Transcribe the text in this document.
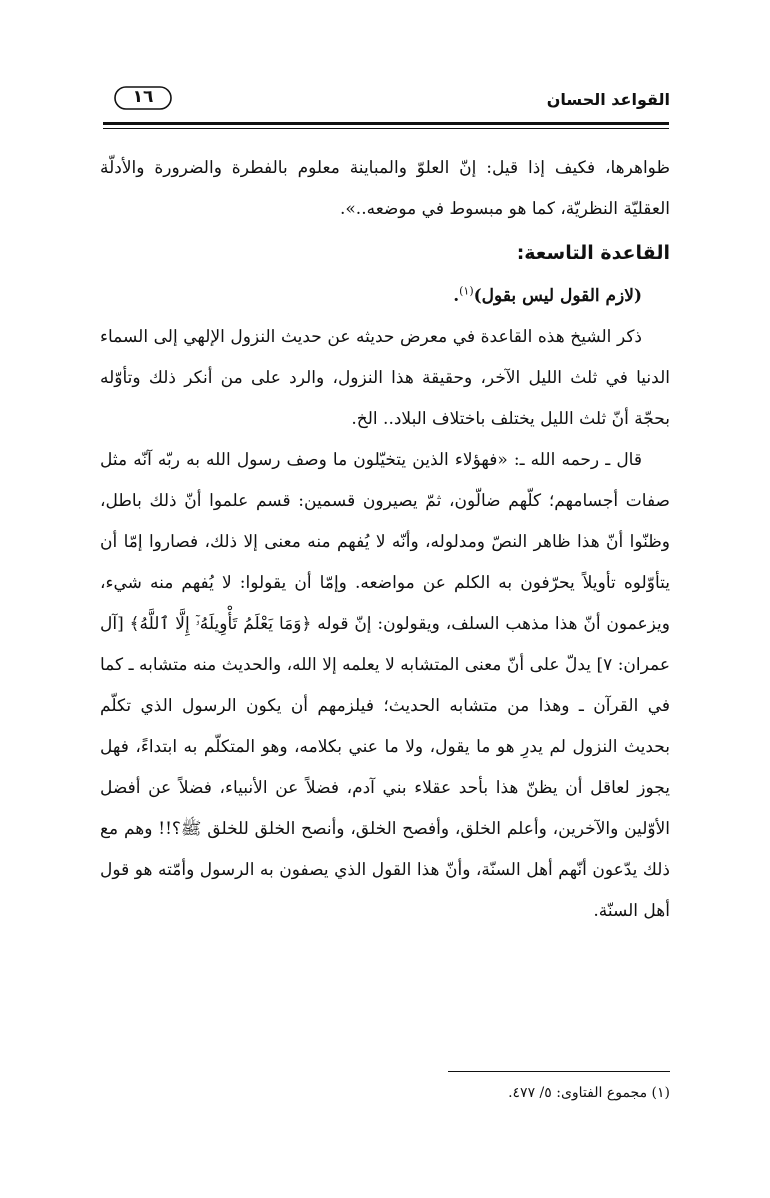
القواعد الحسان
١٦

ظواهرها، فكيف إذا قيل: إنّ العلوّ والمباينة معلوم بالفطرة والضرورة والأدلّة العقليّة النظريّة، كما هو مبسوط في موضعه..».

القاعدة التاسعة:

(لازم القول ليس بقول)$^{(١)}$.

ذكر الشيخ هذه القاعدة في معرض حديثه عن حديث النزول الإلهي إلى السماء الدنيا في ثلث الليل الآخر، وحقيقة هذا النزول، والرد على من أنكر ذلك وتأوّله بحجّة أنّ ثلث الليل يختلف باختلاف البلاد.. الخ.

قال ـ رحمه الله ـ: «فهؤلاء الذين يتخيّلون ما وصف رسول الله به ربّه آنّه مثل صفات أجسامهم؛ كلّهم ضالّون، ثمّ يصيرون قسمين: قسم علموا أنّ ذلك باطل، وظنّوا أنّ هذا ظاهر النصّ ومدلوله، وأنّه لا يُفهم منه معنى إلا ذلك، فصاروا إمّا أن يتأوّلوه تأويلاً يحرّفون به الكلم عن مواضعه. وإمّا أن يقولوا: لا يُفهم منه شيء، ويزعمون أنّ هذا مذهب السلف، ويقولون: إنّ قوله ﴿وَمَا يَعْلَمُ تَأْوِيلَهُۥٓ إِلَّا ٱللَّهُ﴾ [آل عمران: ٧] يدلّ على أنّ معنى المتشابه لا يعلمه إلا الله، والحديث منه متشابه ـ كما في القرآن ـ وهذا من متشابه الحديث؛ فيلزمهم أن يكون الرسول الذي تكلّم بحديث النزول لم يدرِ هو ما يقول، ولا ما عني بكلامه، وهو المتكلّم به ابتداءً، فهل يجوز لعاقل أن يظنّ هذا بأحد عقلاء بني آدم، فضلاً عن الأنبياء، فضلاً عن أفضل الأوّلين والآخرين، وأعلم الخلق، وأفصح الخلق، وأنصح الخلق للخلق ﷺ؟!! وهم مع ذلك يدّعون أنّهم أهل السنّة، وأنّ هذا القول الذي يصفون به الرسول وأمّته هو قول أهل السنّة.

(١) مجموع الفتاوى: ٥/ ٤٧٧.
